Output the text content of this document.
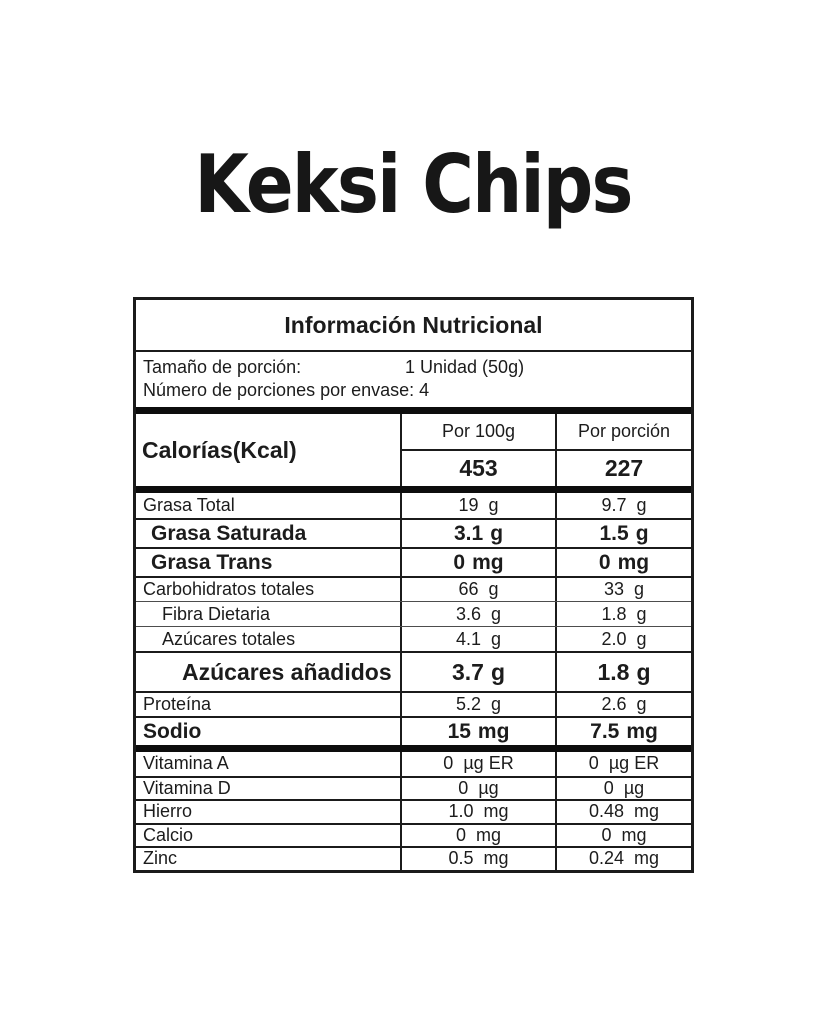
Keksi Chips
Información Nutricional
Tamaño de porción:	1 Unidad (50g)
Número de porciones por envase: 4
Calorías(Kcal)
Por 100g	Por porción
453	227
Grasa Total	19 g	9.7 g
Grasa Saturada	3.1 g	1.5 g
Grasa Trans	0 mg	0 mg
Carbohidratos totales	66 g	33 g
Fibra Dietaria	3.6 g	1.8 g
Azúcares totales	4.1 g	2.0 g
Azúcares añadidos	3.7 g	1.8 g
Proteína	5.2 g	2.6 g
Sodio	15 mg	7.5 mg
Vitamina A	0 µg ER	0 µg ER
Vitamina D	0 µg	0 µg
Hierro	1.0 mg	0.48 mg
Calcio	0 mg	0 mg
Zinc	0.5 mg	0.24 mg
